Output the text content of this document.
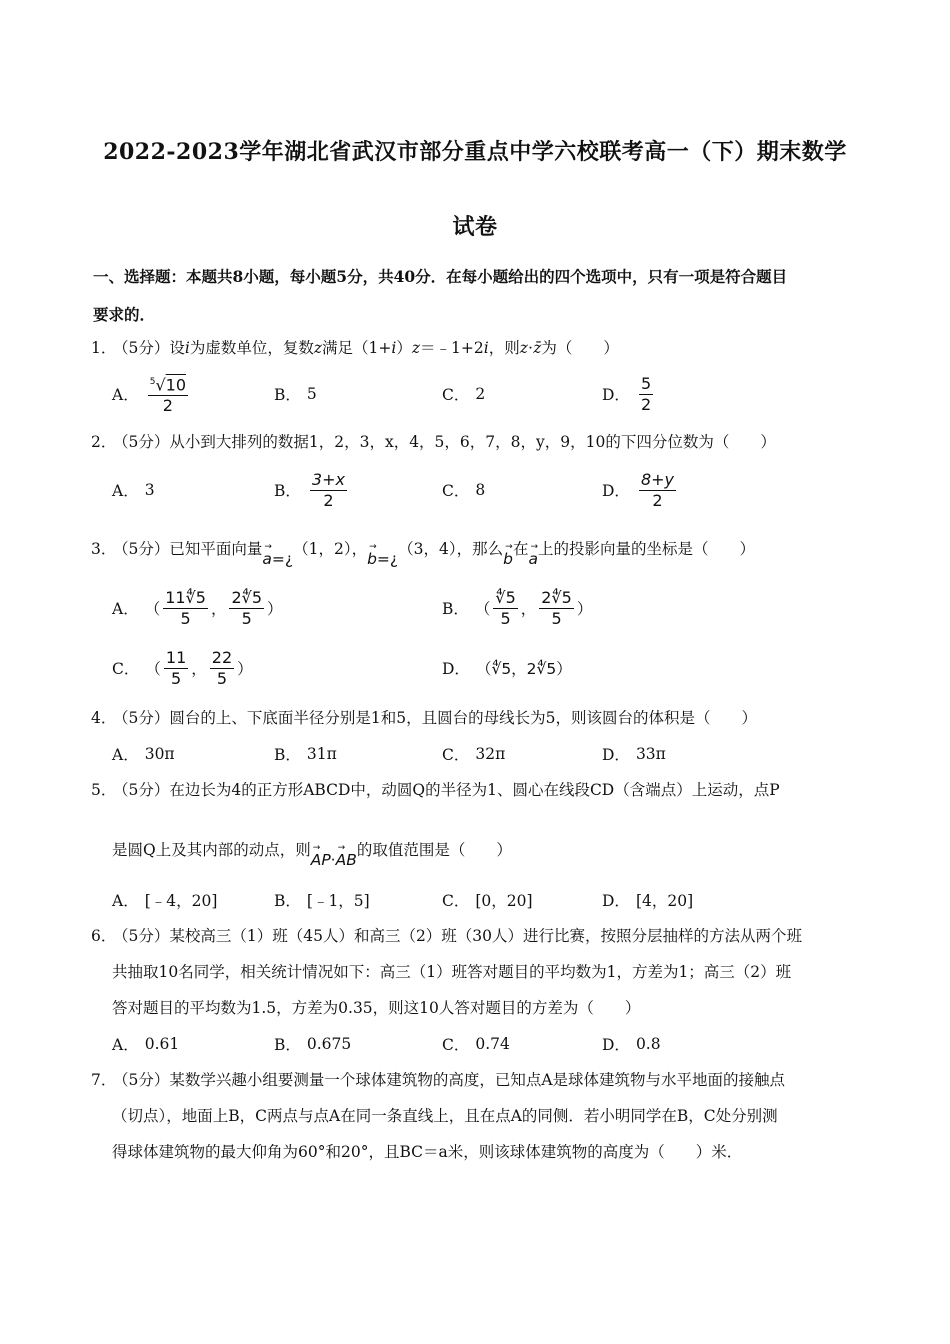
2022-2023学年湖北省武汉市部分重点中学六校联考高一（下）期末数学
试卷
一、选择题：本题共8小题，每小题5分，共40分．在每小题给出的四个选项中，只有一项是符合题目
要求的．
1．（5分）设i为虚数单位，复数z满足（1+i）z＝﹣1+2i，则z⋅z̄为（　　）
A． $\frac{^5√10}{2}$	B． 5	C． 2	D． $\frac{5}{2}$
2．（5分）从小到大排列的数据1，2，3，x，4，5，6，7，8，y，9，10的下四分位数为（　　）
A． 3	B． $\frac{3+x}{2}$	C． 8	D． $\frac{8+y}{2}$
3．（5分）已知平面向量→ a=¿（1，2），→ b=¿（3，4），那么→ b在→ a上的投影向量的坐标是（　　）
A． （ $\frac{11∜5}{5}$ ， $\frac{2∜5}{5}$ ）	B． （ $\frac{∜5}{5}$ ， $\frac{2∜5}{5}$ ）
C． （ $\frac{11}{5}$ ， $\frac{22}{5}$ ）	D． （∜5，2∜5）
4．（5分）圆台的上、下底面半径分别是1和5，且圆台的母线长为5，则该圆台的体积是（　　）
A． 30π	B． 31π	C． 32π	D． 33π
5．（5分）在边长为4的正方形ABCD中，动圆Q的半径为1、圆心在线段CD（含端点）上运动，点P
是圆Q上及其内部的动点，则→ AP·→ AB的取值范围是（　　）
A． [﹣4，20]	B． [﹣1，5]	C． [0，20]	D． [4，20]
6．（5分）某校高三（1）班（45人）和高三（2）班（30人）进行比赛，按照分层抽样的方法从两个班
共抽取10名同学，相关统计情况如下：高三（1）班答对题目的平均数为1，方差为1；高三（2）班
答对题目的平均数为1.5，方差为0.35，则这10人答对题目的方差为（　　）
A． 0.61	B． 0.675	C． 0.74	D． 0.8
7．（5分）某数学兴趣小组要测量一个球体建筑物的高度，已知点A是球体建筑物与水平地面的接触点
（切点），地面上B，C两点与点A在同一条直线上，且在点A的同侧．若小明同学在B，C处分别测
得球体建筑物的最大仰角为60°和20°，且BC＝a米，则该球体建筑物的高度为（　　）米．
